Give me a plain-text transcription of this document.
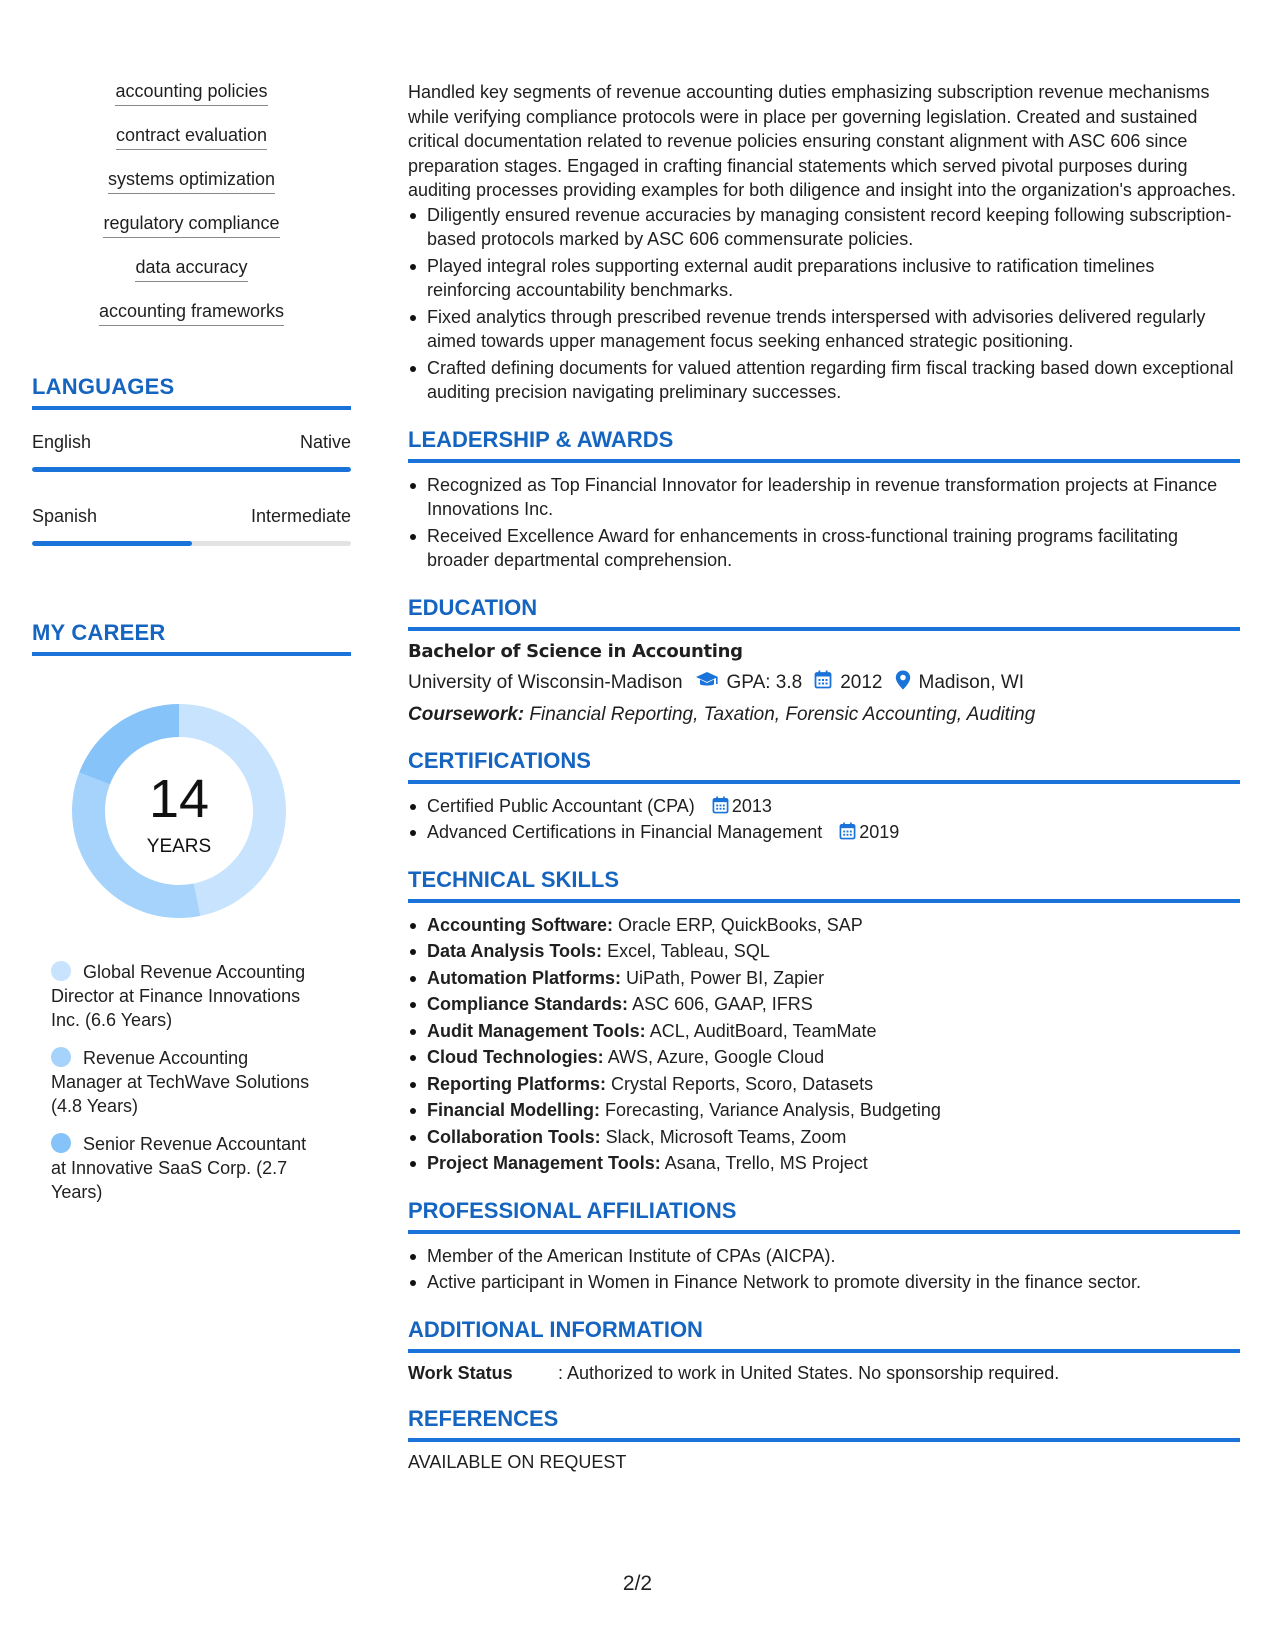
accounting policies
contract evaluation
systems optimization
regulatory compliance
data accuracy
accounting frameworks
LANGUAGES
English	Native
Spanish	Intermediate
MY CAREER
14
YEARS
Global Revenue Accounting Director at Finance Innovations Inc. (6.6 Years)
Revenue Accounting Manager at TechWave Solutions (4.8 Years)
Senior Revenue Accountant at Innovative SaaS Corp. (2.7 Years)
Handled key segments of revenue accounting duties emphasizing subscription revenue mechanisms while verifying compliance protocols were in place per governing legislation. Created and sustained critical documentation related to revenue policies ensuring constant alignment with ASC 606 since preparation stages. Engaged in crafting financial statements which served pivotal purposes during auditing processes providing examples for both diligence and insight into the organization's approaches.
Diligently ensured revenue accuracies by managing consistent record keeping following subscription-based protocols marked by ASC 606 commensurate policies.
Played integral roles supporting external audit preparations inclusive to ratification timelines reinforcing accountability benchmarks.
Fixed analytics through prescribed revenue trends interspersed with advisories delivered regularly aimed towards upper management focus seeking enhanced strategic positioning.
Crafted defining documents for valued attention regarding firm fiscal tracking based down exceptional auditing precision navigating preliminary successes.
LEADERSHIP & AWARDS
Recognized as Top Financial Innovator for leadership in revenue transformation projects at Finance Innovations Inc.
Received Excellence Award for enhancements in cross-functional training programs facilitating broader departmental comprehension.
EDUCATION
Bachelor of Science in Accounting
University of Wisconsin-Madison GPA: 3.8 2012 Madison, WI
Coursework: Financial Reporting, Taxation, Forensic Accounting, Auditing
CERTIFICATIONS
Certified Public Accountant (CPA) 2013
Advanced Certifications in Financial Management 2019
TECHNICAL SKILLS
Accounting Software: Oracle ERP, QuickBooks, SAP
Data Analysis Tools: Excel, Tableau, SQL
Automation Platforms: UiPath, Power BI, Zapier
Compliance Standards: ASC 606, GAAP, IFRS
Audit Management Tools: ACL, AuditBoard, TeamMate
Cloud Technologies: AWS, Azure, Google Cloud
Reporting Platforms: Crystal Reports, Scoro, Datasets
Financial Modelling: Forecasting, Variance Analysis, Budgeting
Collaboration Tools: Slack, Microsoft Teams, Zoom
Project Management Tools: Asana, Trello, MS Project
PROFESSIONAL AFFILIATIONS
Member of the American Institute of CPAs (AICPA).
Active participant in Women in Finance Network to promote diversity in the finance sector.
ADDITIONAL INFORMATION
Work Status	: Authorized to work in United States. No sponsorship required.
REFERENCES
AVAILABLE ON REQUEST
2/2
